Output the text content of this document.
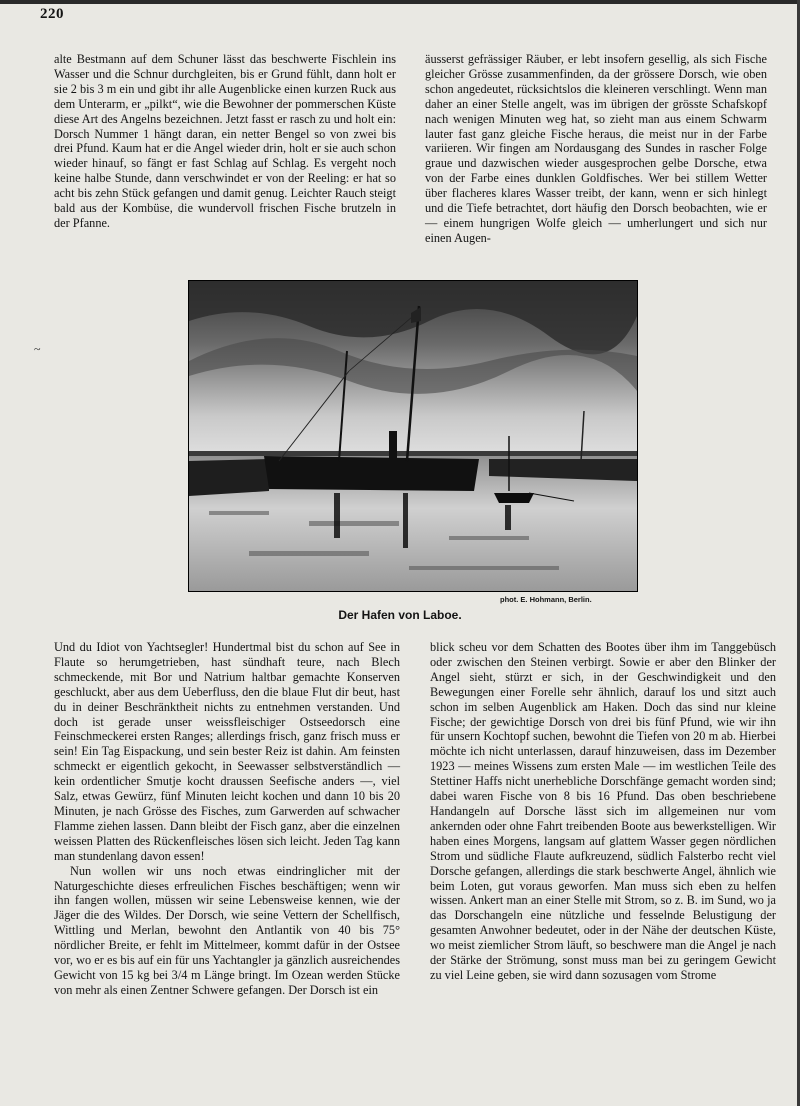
220
~

alte Bestmann auf dem Schuner lässt das beschwerte Fischlein ins Wasser und die Schnur durchgleiten, bis er Grund fühlt, dann holt er sie 2 bis 3 m ein und gibt ihr alle Augenblicke einen kurzen Ruck aus dem Unterarm, er „pilkt“, wie die Bewohner der pommerschen Küste diese Art des Angelns bezeichnen. Jetzt fasst er rasch zu und holt ein: Dorsch Nummer 1 hängt daran, ein netter Bengel so von zwei bis drei Pfund. Kaum hat er die Angel wieder drin, holt er sie auch schon wieder hinauf, so fängt er fast Schlag auf Schlag. Es vergeht noch keine halbe Stunde, dann verschwindet er von der Reeling: er hat so acht bis zehn Stück gefangen und damit genug. Leichter Rauch steigt bald aus der Kombüse, die wundervoll frischen Fische brutzeln in der Pfanne.

äusserst gefrässiger Räuber, er lebt insofern gesellig, als sich Fische gleicher Grösse zusammenfinden, da der grössere Dorsch, wie oben schon angedeutet, rücksichtslos die kleineren verschlingt. Wenn man daher an einer Stelle angelt, was im übrigen der grösste Schafskopf nach wenigen Minuten weg hat, so zieht man aus einem Schwarm lauter fast ganz gleiche Fische heraus, die meist nur in der Farbe variieren. Wir fingen am Nordausgang des Sundes in rascher Folge graue und dazwischen wieder ausgesprochen gelbe Dorsche, etwa von der Farbe eines dunklen Goldfisches. Wer bei stillem Wetter über flacheres klares Wasser treibt, der kann, wenn er sich hinlegt und die Tiefe betrachtet, dort häufig den Dorsch beobachten, wie er — einem hungrigen Wolfe gleich — umherlungert und sich nur einen Augen-

phot. E. Hohmann, Berlin.
Der Hafen von Laboe.

Und du Idiot von Yachtsegler! Hundertmal bist du schon auf See in Flaute so herumgetrieben, hast sündhaft teure, nach Blech schmeckende, mit Bor und Natrium haltbar gemachte Konserven geschluckt, aber aus dem Ueberfluss, den die blaue Flut dir beut, hast du in deiner Beschränktheit nichts zu entnehmen verstanden. Und doch ist gerade unser weissfleischiger Ostseedorsch eine Feinschmeckerei ersten Ranges; allerdings frisch, ganz frisch muss er sein! Ein Tag Eispackung, und sein bester Reiz ist dahin. Am feinsten schmeckt er eigentlich gekocht, in Seewasser selbstverständlich — kein ordentlicher Smutje kocht draussen Seefische anders —, viel Salz, etwas Gewürz, fünf Minuten leicht kochen und dann 10 bis 20 Minuten, je nach Grösse des Fisches, zum Garwerden auf schwacher Flamme ziehen lassen. Dann bleibt der Fisch ganz, aber die einzelnen weissen Platten des Rückenfleisches lösen sich leicht. Jeden Tag kann man stundenlang davon essen!

Nun wollen wir uns noch etwas eindringlicher mit der Naturgeschichte dieses erfreulichen Fisches beschäftigen; wenn wir ihn fangen wollen, müssen wir seine Lebensweise kennen, wie der Jäger die des Wildes. Der Dorsch, wie seine Vettern der Schellfisch, Wittling und Merlan, bewohnt den Antlantik von 40 bis 75° nördlicher Breite, er fehlt im Mittelmeer, kommt dafür in der Ostsee vor, wo er es bis auf ein für uns Yachtangler ja gänzlich ausreichendes Gewicht von 15 kg bei 3/4 m Länge bringt. Im Ozean werden Stücke von mehr als einen Zentner Schwere gefangen. Der Dorsch ist ein

blick scheu vor dem Schatten des Bootes über ihm im Tanggebüsch oder zwischen den Steinen verbirgt. Sowie er aber den Blinker der Angel sieht, stürzt er sich, in der Geschwindigkeit und den Bewegungen einer Forelle sehr ähnlich, darauf los und sitzt auch schon im selben Augenblick am Haken. Doch das sind nur kleine Fische; der gewichtige Dorsch von drei bis fünf Pfund, wie wir ihn für unsern Kochtopf suchen, bewohnt die Tiefen von 20 m ab. Hierbei möchte ich nicht unterlassen, darauf hinzuweisen, dass im Dezember 1923 — meines Wissens zum ersten Male — im westlichen Teile des Stettiner Haffs nicht unerhebliche Dorschfänge gemacht worden sind; dabei waren Fische von 8 bis 16 Pfund. Das oben beschriebene Handangeln auf Dorsche lässt sich im allgemeinen nur vom ankernden oder ohne Fahrt treibenden Boote aus bewerkstelligen. Wir haben eines Morgens, langsam auf glattem Wasser gegen nördlichen Strom und südliche Flaute aufkreuzend, südlich Falsterbo recht viel Dorsche gefangen, allerdings die stark beschwerte Angel, ähnlich wie beim Loten, gut voraus geworfen. Man muss sich eben zu helfen wissen. Ankert man an einer Stelle mit Strom, so z. B. im Sund, wo ja das Dorschangeln eine nützliche und fesselnde Belustigung der gesamten Anwohner bedeutet, oder in der Nähe der deutschen Küste, wo meist ziemlicher Strom läuft, so beschwere man die Angel je nach der Stärke der Strömung, sonst muss man bei zu geringem Gewicht zu viel Leine geben, sie wird dann sozusagen vom Strome
